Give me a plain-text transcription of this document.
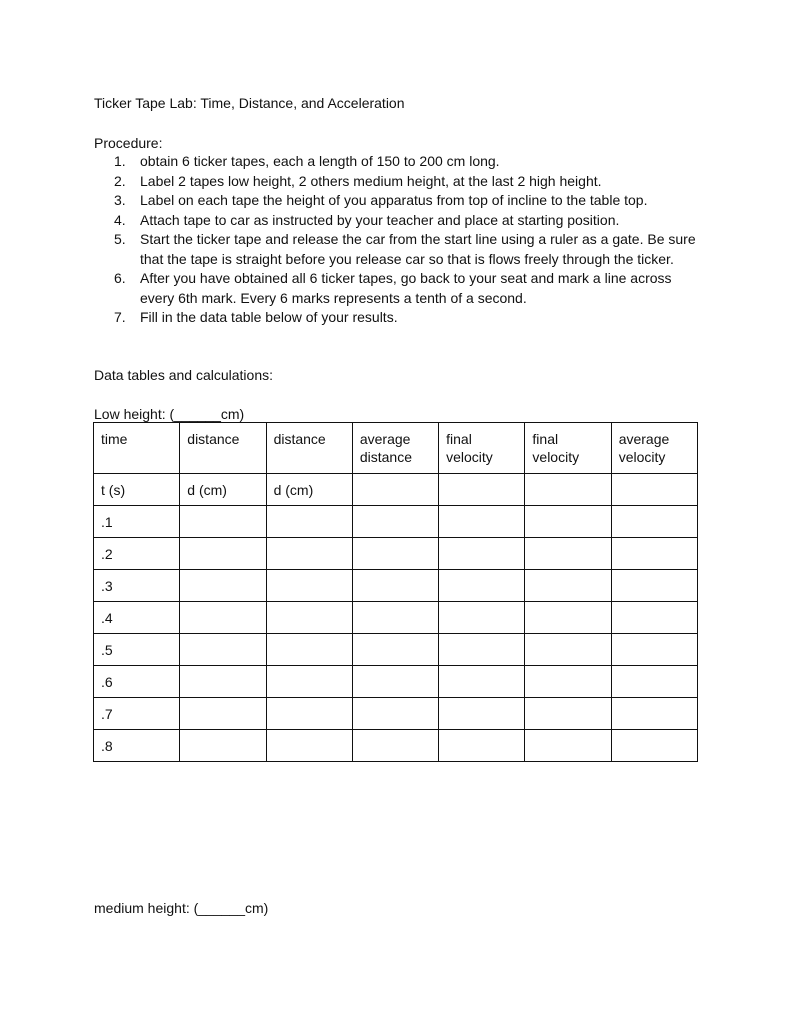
Ticker Tape Lab: Time, Distance, and Acceleration
Procedure:
1. obtain 6 ticker tapes, each a length of 150 to 200 cm long.
2. Label 2 tapes low height, 2 others medium height, at the last 2 high height.
3. Label on each tape the height of you apparatus from top of incline to the table top.
4. Attach tape to car as instructed by your teacher and place at starting position.
5. Start the ticker tape and release the car from the start line using a ruler as a gate. Be sure that the tape is straight before you release car so that is flows freely through the ticker.
6. After you have obtained all 6 ticker tapes, go back to your seat and mark a line across every 6th mark. Every 6 marks represents a tenth of a second.
7. Fill in the data table below of your results.
Data tables and calculations:
Low height: (______cm)
time	distance	distance	average distance	final velocity	final velocity	average velocity
t (s)	d (cm)	d (cm)				
.1						
.2						
.3						
.4						
.5						
.6						
.7						
.8						
medium height: (______cm)
